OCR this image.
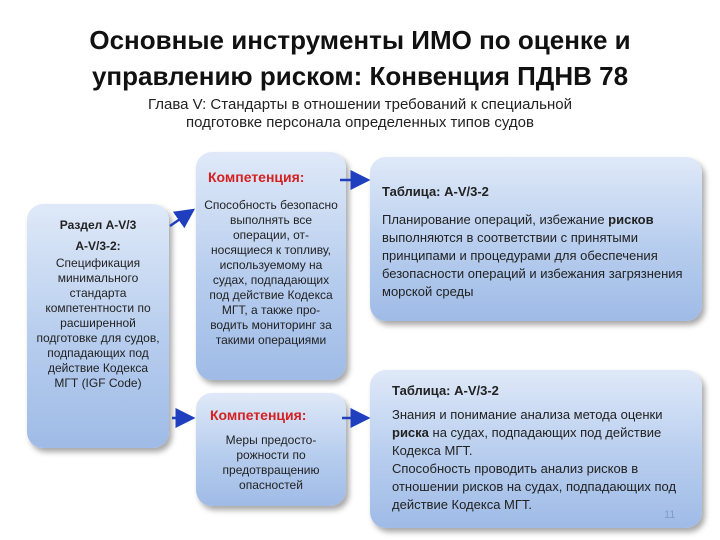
Основные инструменты ИМО по оценке и
управлению риском: Конвенция ПДНВ 78
Глава V: Стандарты в отношении требований к специальной
подготовке персонала определенных типов судов
Раздел A-V/3
A-V/3-2:
Спецификация минимального стандарта компетентности по расширенной подготовке для судов, подпадающих под действие Кодекса МГТ (IGF Code)
Компетенция:
Способность безопасно выполнять все операции, от-носящиеся к топливу, используемому на судах, подпадающих под действие Кодекса МГТ, а также про-водить мониторинг за такими операциями
Компетенция:
Меры предосто-рожности по предотвращению опасностей
Таблица: A-V/3-2
Планирование операций, избежание рисков выполняются в соответствии с принятыми принципами и процедурами для обеспечения безопасности операций и избежания загрязнения морской среды
Таблица: A-V/3-2
Знания и понимание анализа метода оценки риска на судах, подпадающих под действие Кодекса МГТ.
Способность проводить анализ рисков в отношении рисков на судах, подпадающих под действие Кодекса МГТ.
11
